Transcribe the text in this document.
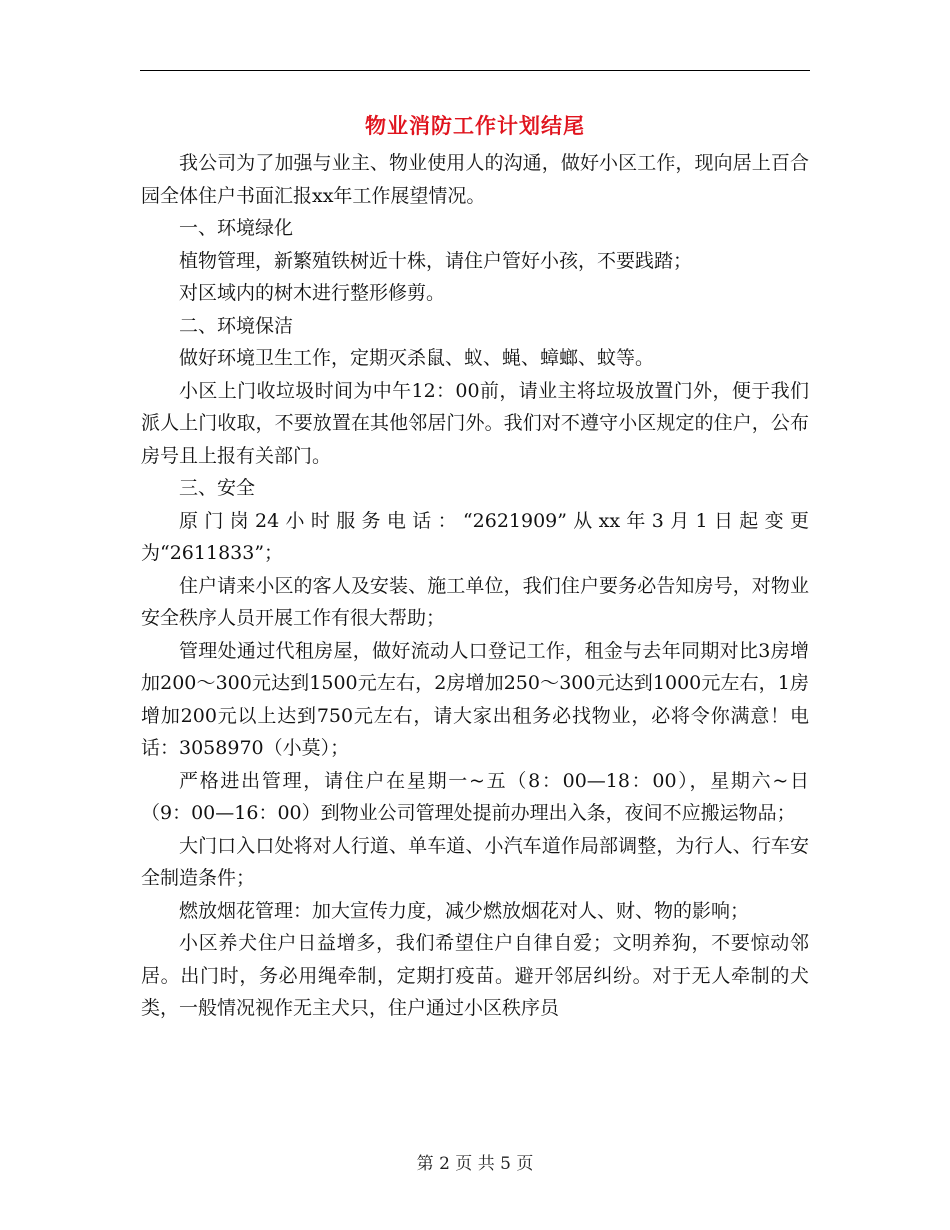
物业消防工作计划结尾

我公司为了加强与业主、物业使用人的沟通，做好小区工作，现向居上百合园全体住户书面汇报xx年工作展望情况。

一、环境绿化

植物管理，新繁殖铁树近十株，请住户管好小孩，不要践踏；

对区域内的树木进行整形修剪。

二、环境保洁

做好环境卫生工作，定期灭杀鼠、蚁、蝇、蟑螂、蚊等。

小区上门收垃圾时间为中午12：00前，请业主将垃圾放置门外，便于我们派人上门收取，不要放置在其他邻居门外。我们对不遵守小区规定的住户，公布房号且上报有关部门。

三、安全

原门岗24小时服务电话：“2621909”从xx年3月1日起变更为“2611833”；

住户请来小区的客人及安装、施工单位，我们住户要务必告知房号，对物业安全秩序人员开展工作有很大帮助；

管理处通过代租房屋，做好流动人口登记工作，租金与去年同期对比3房增加200～300元达到1500元左右，2房增加250～300元达到1000元左右，1房增加200元以上达到750元左右，请大家出租务必找物业，必将令你满意！电话：3058970（小莫）；

严格进出管理，请住户在星期一~五（8：00—18：00），星期六~日（9：00—16：00）到物业公司管理处提前办理出入条，夜间不应搬运物品；

大门口入口处将对人行道、单车道、小汽车道作局部调整，为行人、行车安全制造条件；

燃放烟花管理：加大宣传力度，减少燃放烟花对人、财、物的影响；

小区养犬住户日益增多，我们希望住户自律自爱；文明养狗，不要惊动邻居。出门时，务必用绳牵制，定期打疫苗。避开邻居纠纷。对于无人牵制的犬类，一般情况视作无主犬只，住户通过小区秩序员

第 2 页 共 5 页
